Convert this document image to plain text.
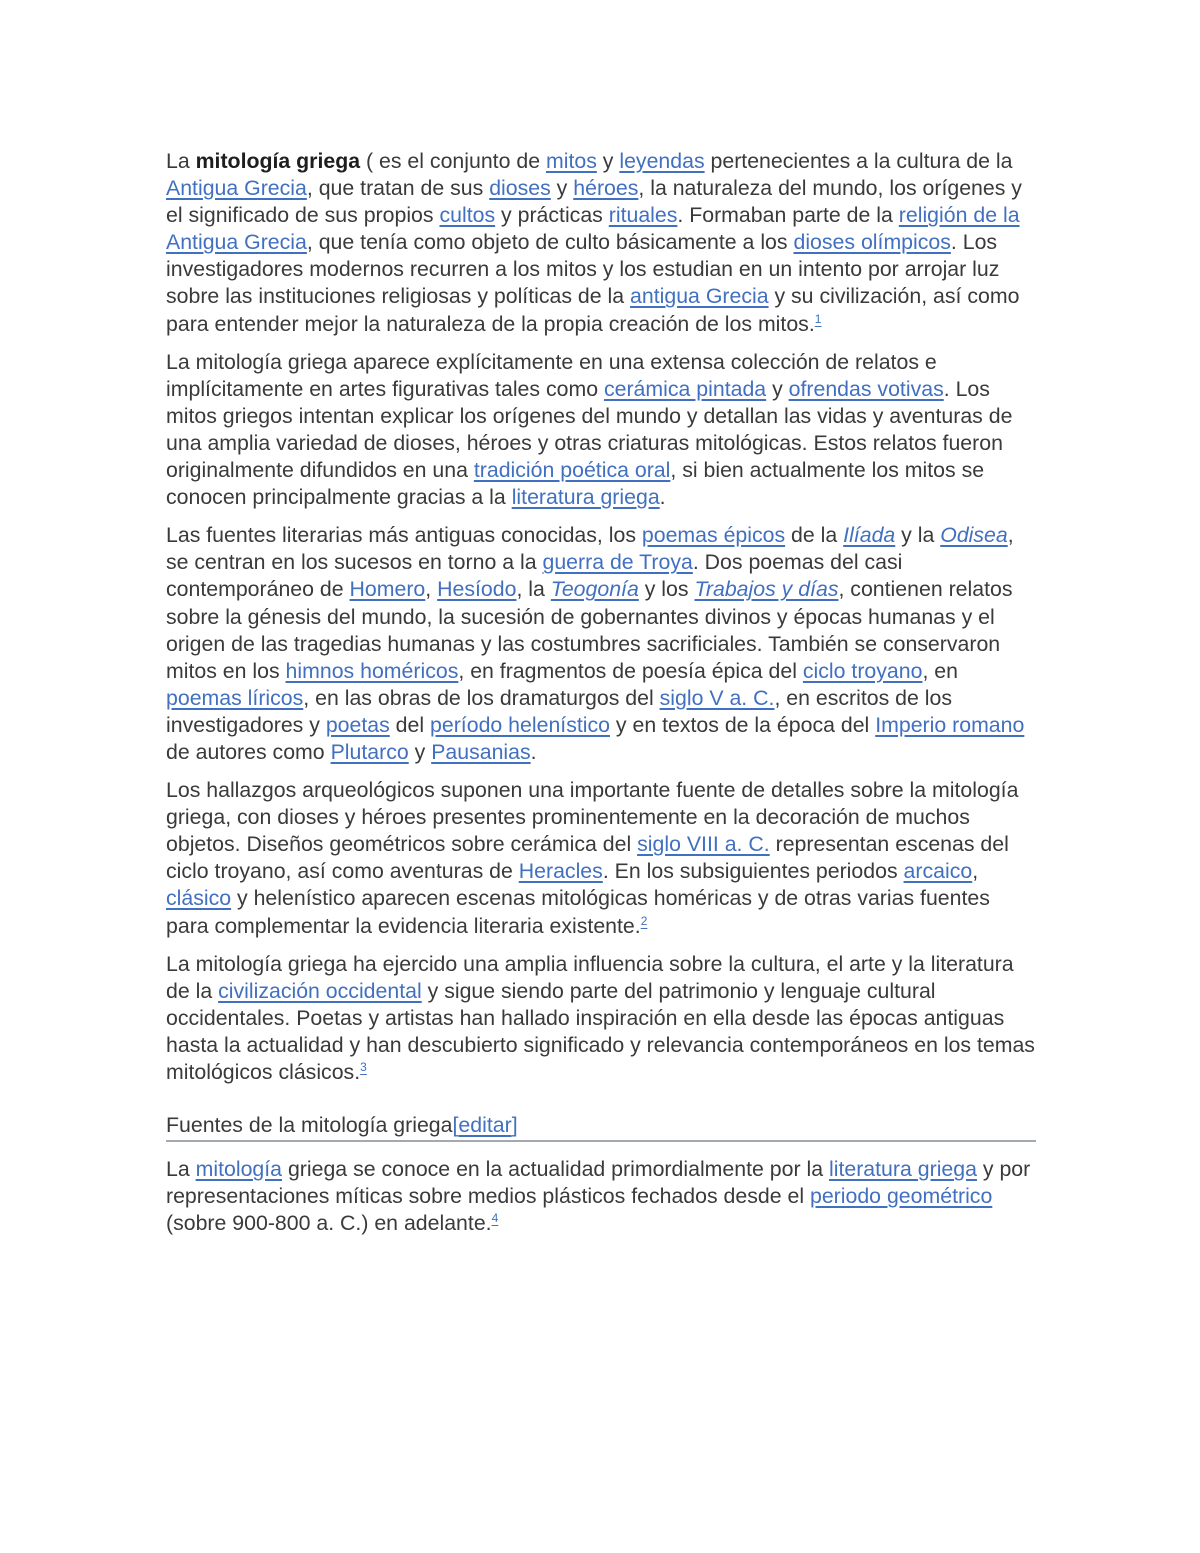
La mitología griega ( es el conjunto de mitos y leyendas pertenecientes a la cultura de la Antigua Grecia, que tratan de sus dioses y héroes, la naturaleza del mundo, los orígenes y el significado de sus propios cultos y prácticas rituales. Formaban parte de la religión de la Antigua Grecia, que tenía como objeto de culto básicamente a los dioses olímpicos. Los investigadores modernos recurren a los mitos y los estudian en un intento por arrojar luz sobre las instituciones religiosas y políticas de la antigua Grecia y su civilización, así como para entender mejor la naturaleza de la propia creación de los mitos.$^1$

La mitología griega aparece explícitamente en una extensa colección de relatos e implícitamente en artes figurativas tales como cerámica pintada y ofrendas votivas. Los mitos griegos intentan explicar los orígenes del mundo y detallan las vidas y aventuras de una amplia variedad de dioses, héroes y otras criaturas mitológicas. Estos relatos fueron originalmente difundidos en una tradición poética oral, si bien actualmente los mitos se conocen principalmente gracias a la literatura griega.

Las fuentes literarias más antiguas conocidas, los poemas épicos de la Ilíada y la Odisea, se centran en los sucesos en torno a la guerra de Troya. Dos poemas del casi contemporáneo de Homero, Hesíodo, la Teogonía y los Trabajos y días, contienen relatos sobre la génesis del mundo, la sucesión de gobernantes divinos y épocas humanas y el origen de las tragedias humanas y las costumbres sacrificiales. También se conservaron mitos en los himnos homéricos, en fragmentos de poesía épica del ciclo troyano, en poemas líricos, en las obras de los dramaturgos del siglo V a. C., en escritos de los investigadores y poetas del período helenístico y en textos de la época del Imperio romano de autores como Plutarco y Pausanias.

Los hallazgos arqueológicos suponen una importante fuente de detalles sobre la mitología griega, con dioses y héroes presentes prominentemente en la decoración de muchos objetos. Diseños geométricos sobre cerámica del siglo VIII a. C. representan escenas del ciclo troyano, así como aventuras de Heracles. En los subsiguientes periodos arcaico, clásico y helenístico aparecen escenas mitológicas homéricas y de otras varias fuentes para complementar la evidencia literaria existente.$^2$

La mitología griega ha ejercido una amplia influencia sobre la cultura, el arte y la literatura de la civilización occidental y sigue siendo parte del patrimonio y lenguaje cultural occidentales. Poetas y artistas han hallado inspiración en ella desde las épocas antiguas hasta la actualidad y han descubierto significado y relevancia contemporáneos en los temas mitológicos clásicos.$^3$

Fuentes de la mitología griega[editar]

La mitología griega se conoce en la actualidad primordialmente por la literatura griega y por representaciones míticas sobre medios plásticos fechados desde el periodo geométrico (sobre 900-800 a. C.) en adelante.$^4$
